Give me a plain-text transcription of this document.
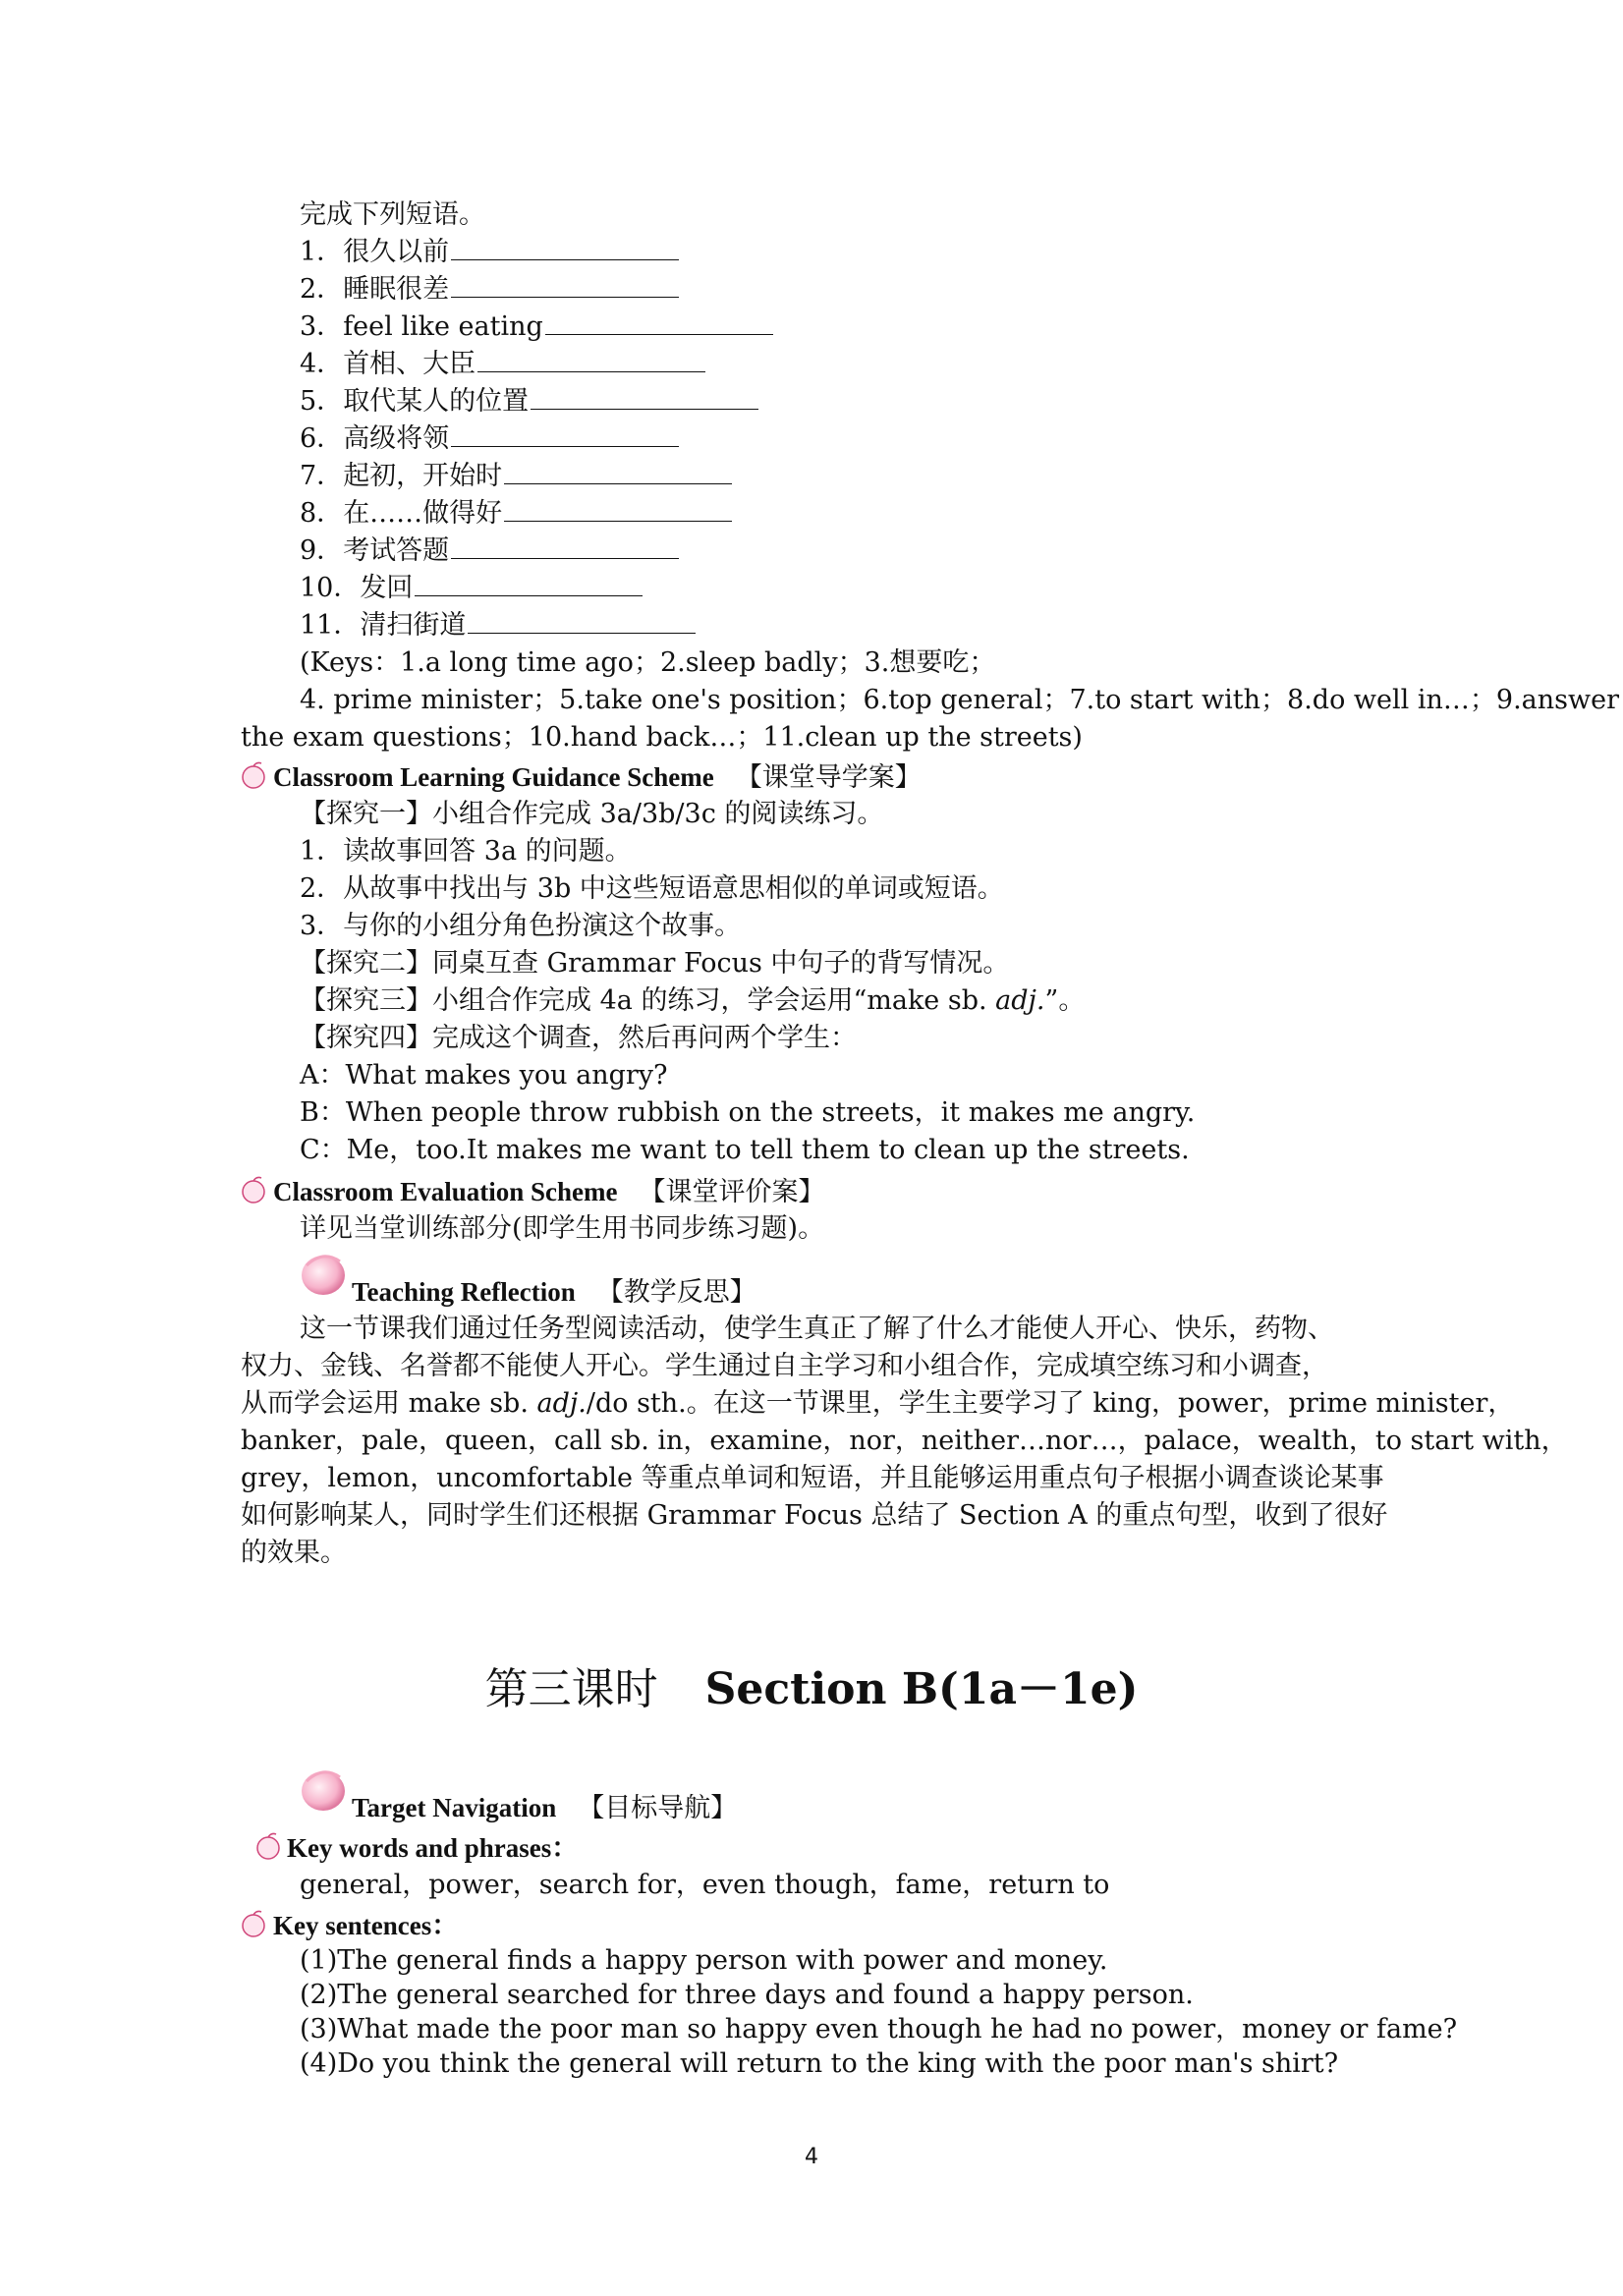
完成下列短语。
1．很久以前
2．睡眠很差
3．feel like eating
4．首相、大臣
5．取代某人的位置
6．高级将领
7．起初，开始时
8．在……做得好
9．考试答题
10．发回
11．清扫街道
(Keys：1.a long time ago；2.sleep badly；3.想要吃；
4. prime minister；5.take one's position；6.top general；7.to start with；8.do well in…；9.answer
the exam questions；10.hand back…；11.clean up the streets)
Classroom Learning Guidance Scheme 【课堂导学案】
【探究一】小组合作完成 3a/3b/3c 的阅读练习。
1．读故事回答 3a 的问题。
2．从故事中找出与 3b 中这些短语意思相似的单词或短语。
3．与你的小组分角色扮演这个故事。
【探究二】同桌互查 Grammar Focus 中句子的背写情况。
【探究三】小组合作完成 4a 的练习，学会运用“make sb. adj.”。
【探究四】完成这个调查，然后再问两个学生：
A：What makes you angry?
B：When people throw rubbish on the streets，it makes me angry.
C：Me，too.It makes me want to tell them to clean up the streets.
Classroom Evaluation Scheme 【课堂评价案】
详见当堂训练部分(即学生用书同步练习题)。
Teaching Reflection 【教学反思】
这一节课我们通过任务型阅读活动，使学生真正了解了什么才能使人开心、快乐，药物、
权力、金钱、名誉都不能使人开心。学生通过自主学习和小组合作，完成填空练习和小调查，
从而学会运用 make sb. adj./do sth.。在这一节课里，学生主要学习了 king，power，prime minister，
banker，pale，queen，call sb. in，examine，nor，neither…nor…，palace，wealth，to start with，
grey，lemon，uncomfortable 等重点单词和短语，并且能够运用重点句子根据小调查谈论某事
如何影响某人，同时学生们还根据 Grammar Focus 总结了 Section A 的重点句型，收到了很好
的效果。
第三课时 Section B(1a－1e)
Target Navigation 【目标导航】
Key words and phrases：
general，power，search for，even though，fame，return to
Key sentences：
(1)The general finds a happy person with power and money.
(2)The general searched for three days and found a happy person.
(3)What made the poor man so happy even though he had no power，money or fame?
(4)Do you think the general will return to the king with the poor man's shirt?
4
